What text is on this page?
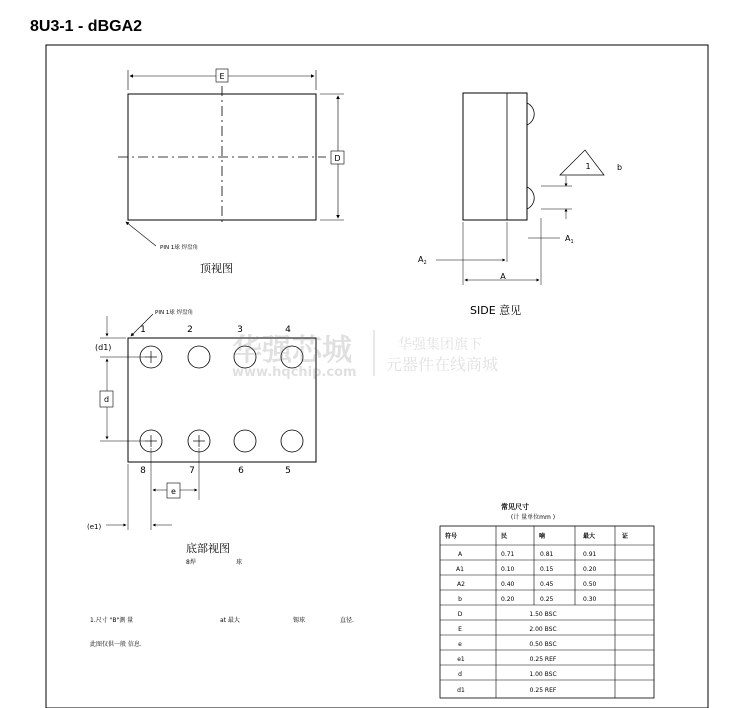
8U3-1 - dBGA2
E
D
PIN 1球 焊盘角
顶视图
1	b
$A_1$
$A_2$
A
SIDE 意见
PIN 1球 焊盘角
1	2	3	4
8	7	6	5
(d1)
d
e
(e1)
底部视图
8焊	球
华强芯城
www.hqchip.com
华强集团旗下
元器件在线商城
1.尺寸 "B"测 量	at 最大	锡球	直径.
此图仅供一般 信息.
常见尺寸
(计 量单位mm )
符号	民	喃	最大	证
A	0.71	0.81	0.91
A1	0.10	0.15	0.20
A2	0.40	0.45	0.50
b	0.20	0.25	0.30
D	1.50 BSC
E	2.00 BSC
e	0.50 BSC
e1	0.25 REF
d	1.00 BSC
d1	0.25 REF
